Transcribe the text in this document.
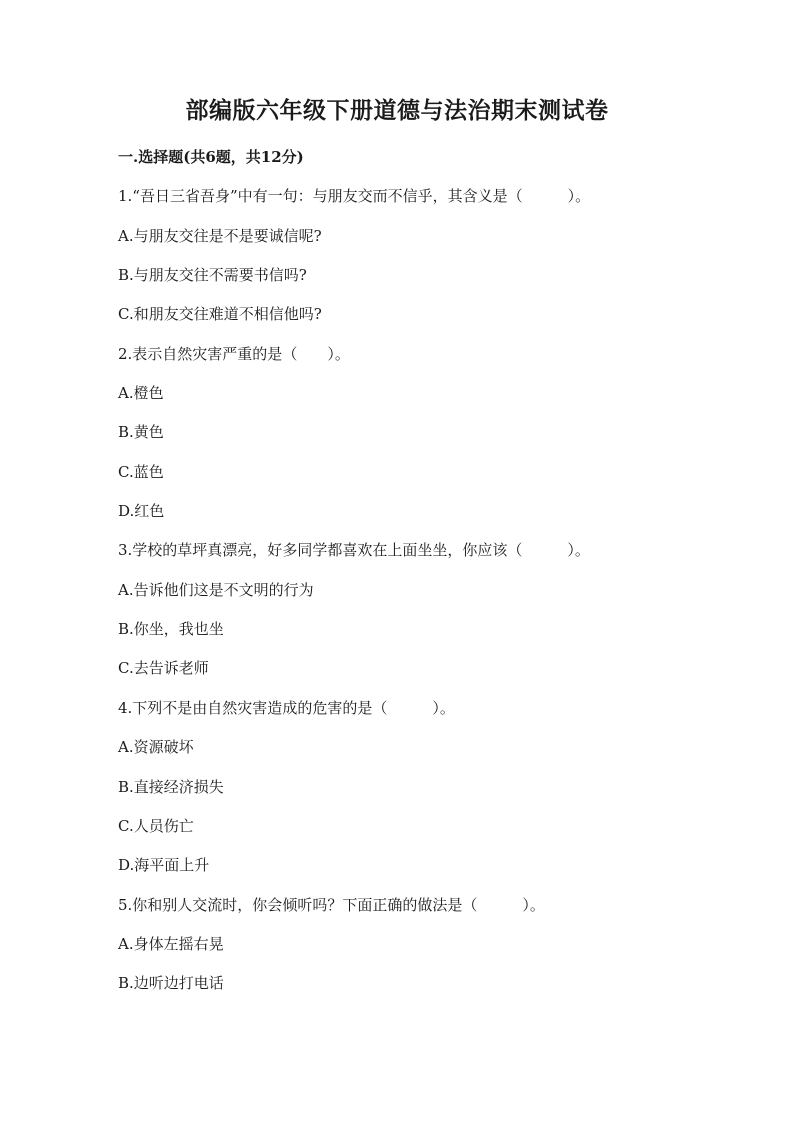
部编版六年级下册道德与法治期末测试卷
一.选择题(共6题，共12分)
1.“吾日三省吾身”中有一句：与朋友交而不信乎，其含义是（　　　）。
A.与朋友交往是不是要诚信呢?
B.与朋友交往不需要书信吗?
C.和朋友交往难道不相信他吗?
2.表示自然灾害严重的是（　　）。
A.橙色
B.黄色
C.蓝色
D.红色
3.学校的草坪真漂亮，好多同学都喜欢在上面坐坐，你应该（　　　）。
A.告诉他们这是不文明的行为
B.你坐，我也坐
C.去告诉老师
4.下列不是由自然灾害造成的危害的是（　　　）。
A.资源破坏
B.直接经济损失
C.人员伤亡
D.海平面上升
5.你和别人交流时，你会倾听吗？下面正确的做法是（　　　）。
A.身体左摇右晃
B.边听边打电话
